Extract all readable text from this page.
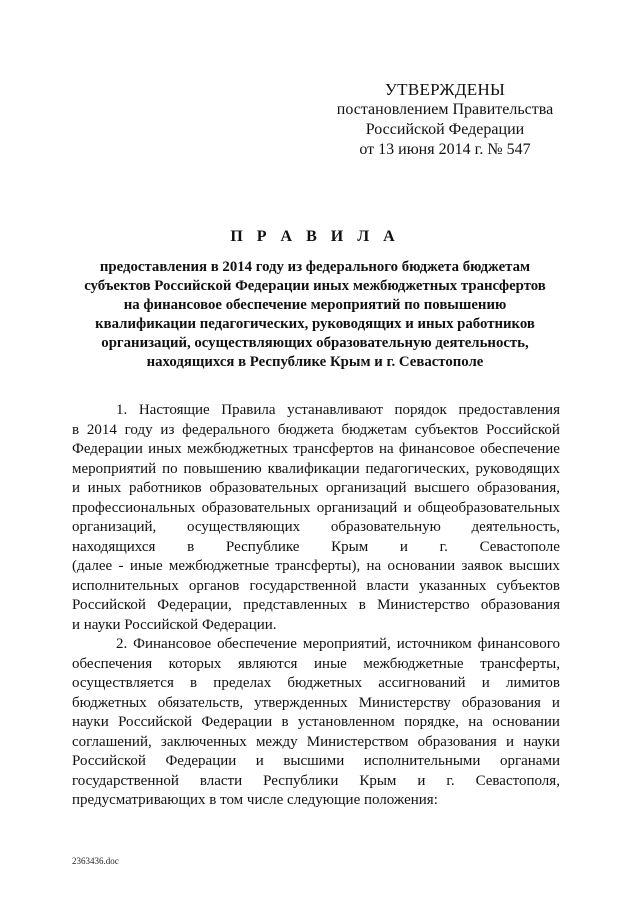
УТВЕРЖДЕНЫ
постановлением Правительства
Российской Федерации
от 13 июня 2014 г. № 547
П Р А В И Л А
предоставления в 2014 году из федерального бюджета бюджетам
субъектов Российской Федерации иных межбюджетных трансфертов
на финансовое обеспечение мероприятий по повышению
квалификации педагогических, руководящих и иных работников
организаций, осуществляющих образовательную деятельность,
находящихся в Республике Крым и г. Севастополе
1. Настоящие Правила устанавливают порядок предоставления
в 2014 году из федерального бюджета бюджетам субъектов Российской
Федерации иных межбюджетных трансфертов на финансовое обеспечение
мероприятий по повышению квалификации педагогических, руководящих
и иных работников образовательных организаций высшего образования,
профессиональных образовательных организаций и общеобразовательных
организаций, осуществляющих образовательную деятельность,
находящихся в Республике Крым и г. Севастополе
(далее - иные межбюджетные трансферты), на основании заявок высших
исполнительных органов государственной власти указанных субъектов
Российской Федерации, представленных в Министерство образования
и науки Российской Федерации.
2. Финансовое обеспечение мероприятий, источником финансового
обеспечения которых являются иные межбюджетные трансферты,
осуществляется в пределах бюджетных ассигнований и лимитов
бюджетных обязательств, утвержденных Министерству образования и
науки Российской Федерации в установленном порядке, на основании
соглашений, заключенных между Министерством образования и науки
Российской Федерации и высшими исполнительными органами
государственной власти Республики Крым и г. Севастополя,
предусматривающих в том числе следующие положения:
2363436.doc
